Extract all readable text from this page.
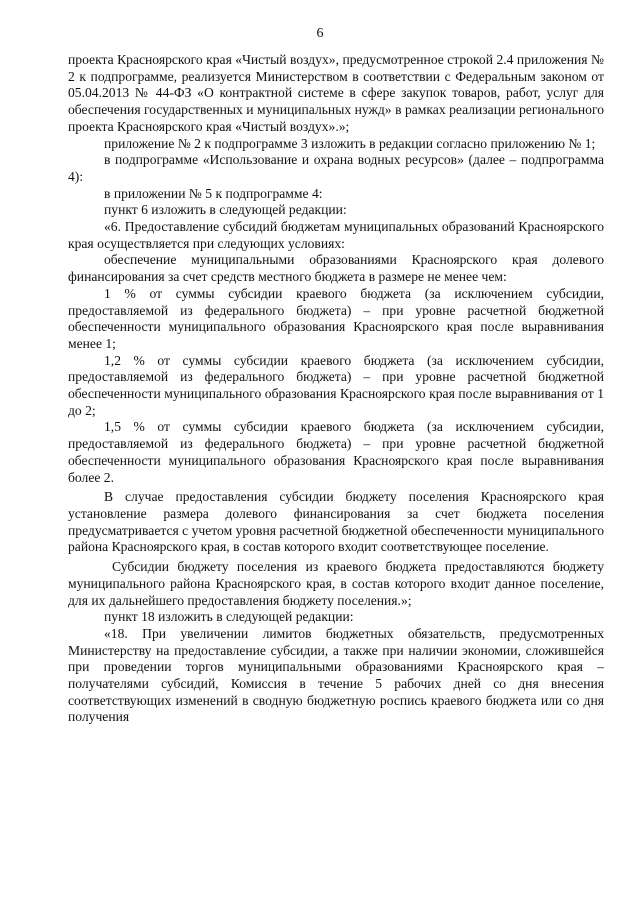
6

проекта Красноярского края «Чистый воздух», предусмотренное строкой 2.4 приложения № 2 к подпрограмме, реализуется Министерством в соответствии с Федеральным законом от 05.04.2013 № 44-ФЗ «О контрактной системе в сфере закупок товаров, работ, услуг для обеспечения государственных и муниципальных нужд» в рамках реализации регионального проекта Красноярского края «Чистый воздух».»;

приложение № 2 к подпрограмме 3 изложить в редакции согласно приложению № 1;

в подпрограмме «Использование и охрана водных ресурсов» (далее – подпрограмма 4):

в приложении № 5 к подпрограмме 4:

пункт 6 изложить в следующей редакции:

«6. Предоставление субсидий бюджетам муниципальных образований Красноярского края осуществляется при следующих условиях:

обеспечение муниципальными образованиями Красноярского края долевого финансирования за счет средств местного бюджета в размере не менее чем:

1 % от суммы субсидии краевого бюджета (за исключением субсидии, предоставляемой из федерального бюджета) – при уровне расчетной бюджетной обеспеченности муниципального образования Красноярского края после выравнивания менее 1;

1,2 % от суммы субсидии краевого бюджета (за исключением субсидии, предоставляемой из федерального бюджета) – при уровне расчетной бюджетной обеспеченности муниципального образования Красноярского края после выравнивания от 1 до 2;

1,5 % от суммы субсидии краевого бюджета (за исключением субсидии, предоставляемой из федерального бюджета) – при уровне расчетной бюджетной обеспеченности муниципального образования Красноярского края после выравнивания более 2.

В случае предоставления субсидии бюджету поселения Красноярского края установление размера долевого финансирования за счет бюджета поселения предусматривается с учетом уровня расчетной бюджетной обеспеченности муниципального района Красноярского края, в состав которого входит соответствующее поселение.

Субсидии бюджету поселения из краевого бюджета предоставляются бюджету муниципального района Красноярского края, в состав которого входит данное поселение, для их дальнейшего предоставления бюджету поселения.»;

пункт 18 изложить в следующей редакции:

«18. При увеличении лимитов бюджетных обязательств, предусмотренных Министерству на предоставление субсидии, а также при наличии экономии, сложившейся при проведении торгов муниципальными образованиями Красноярского края – получателями субсидий, Комиссия в течение 5 рабочих дней со дня внесения соответствующих изменений в сводную бюджетную роспись краевого бюджета или со дня получения
